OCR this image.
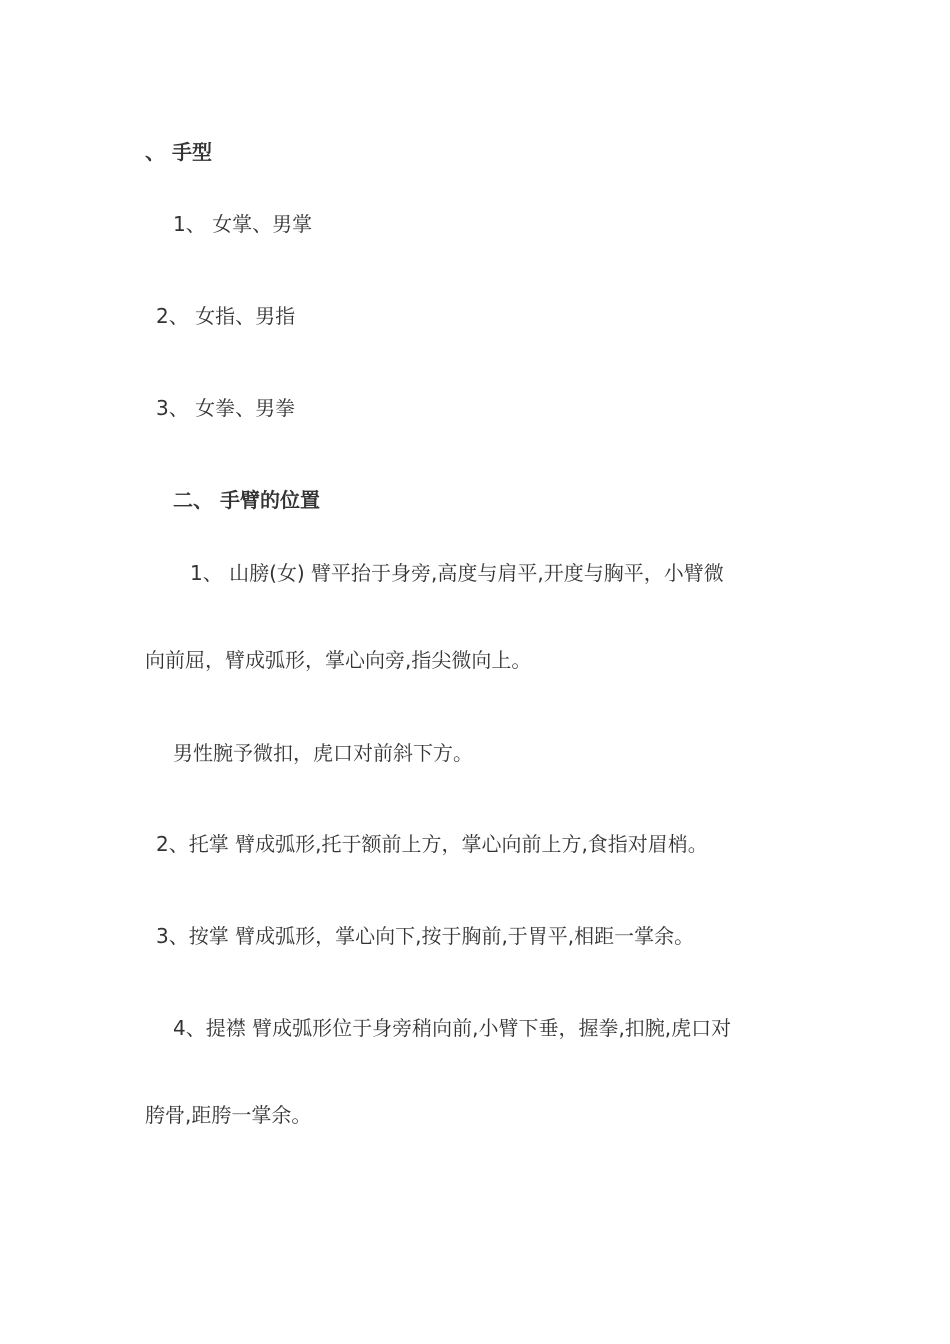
、 手型
1、 女掌、男掌
2、 女指、男指
3、 女拳、男拳
二、 手臂的位置
1、 山膀(女) 臂平抬于身旁,高度与肩平,开度与胸平，小臂微
向前屈，臂成弧形，掌心向旁,指尖微向上。
男性腕予微扣，虎口对前斜下方。
2、托掌 臂成弧形,托于额前上方，掌心向前上方,食指对眉梢。
3、按掌 臂成弧形，掌心向下,按于胸前,于胃平,相距一掌余。
4、提襟 臂成弧形位于身旁稍向前,小臂下垂，握拳,扣腕,虎口对
胯骨,距胯一掌余。
